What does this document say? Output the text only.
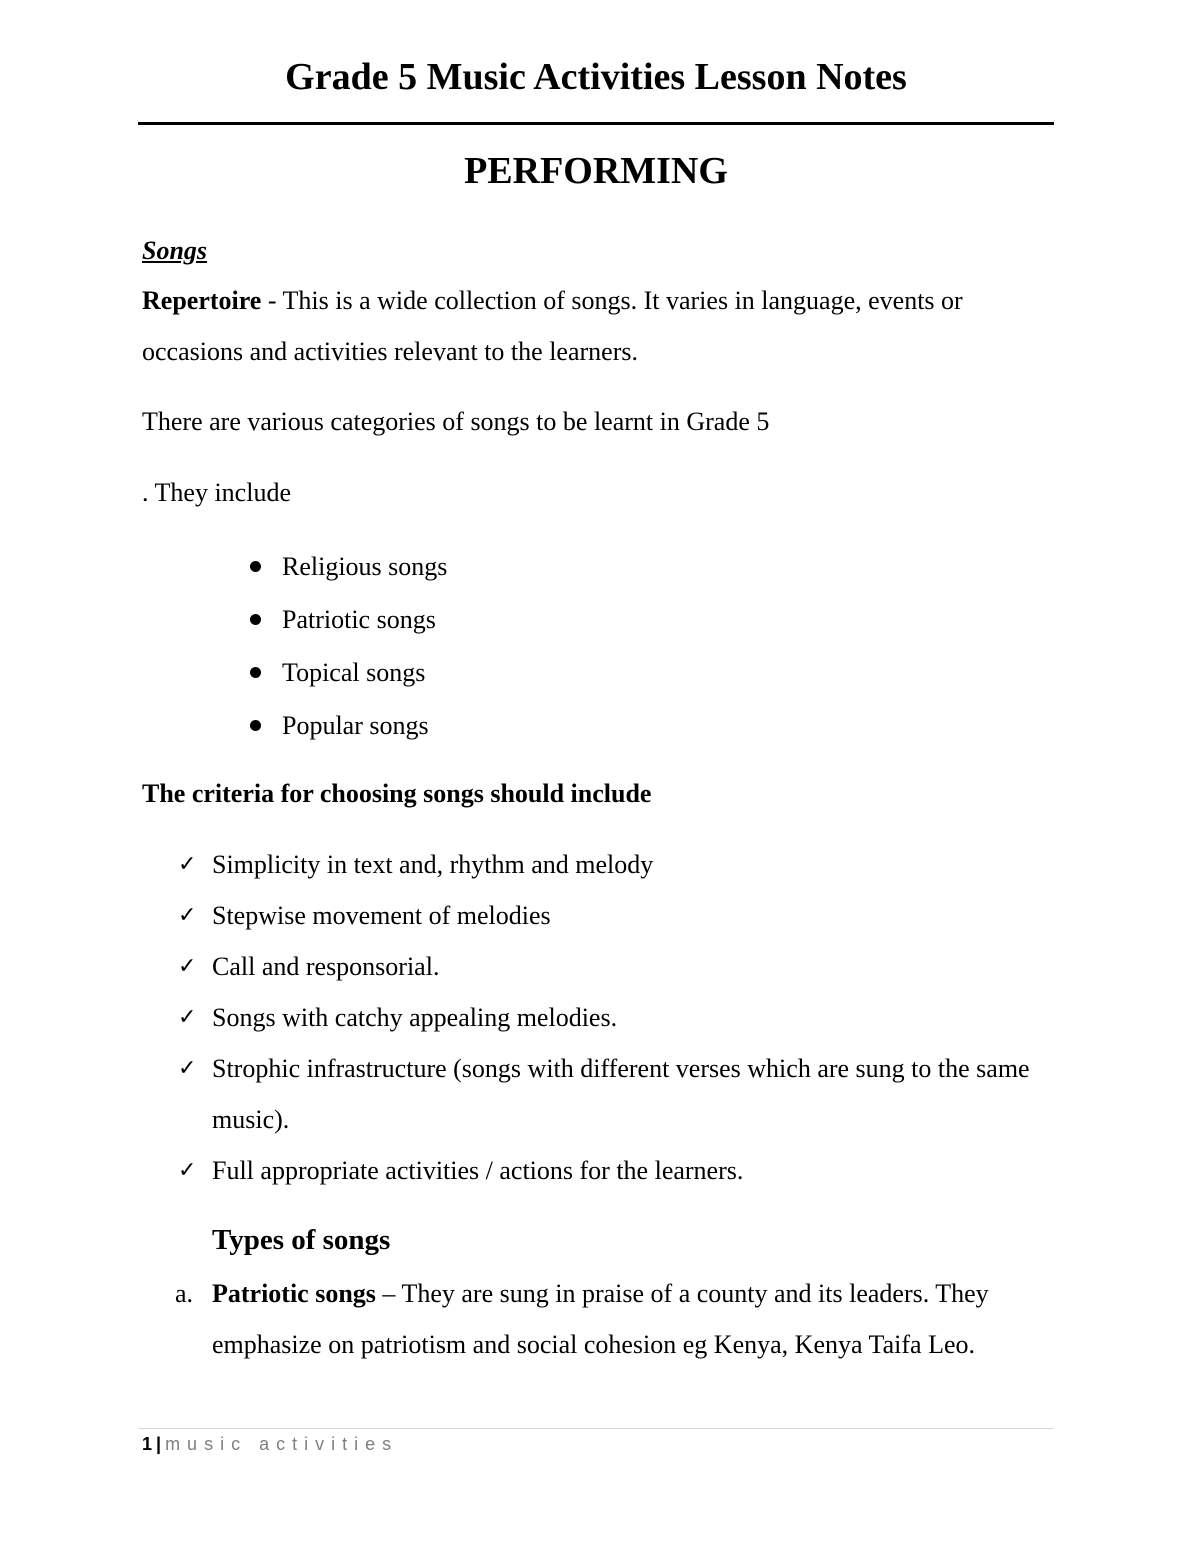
Grade 5 Music Activities Lesson Notes
PERFORMING
Songs

Repertoire - This is a wide collection of songs. It varies in language, events or occasions and activities relevant to the learners.

There are various categories of songs to be learnt in Grade 5

. They include

Religious songs
Patriotic songs
Topical songs
Popular songs
The criteria for choosing songs should include
✓ Simplicity in text and, rhythm and melody
✓ Stepwise movement of melodies
✓ Call and responsorial.
✓ Songs with catchy appealing melodies.
✓ Strophic infrastructure (songs with different verses which are sung to the same music).
✓ Full appropriate activities / actions for the learners.
Types of songs
a. Patriotic songs – They are sung in praise of a county and its leaders. They emphasize on patriotism and social cohesion eg Kenya, Kenya Taifa Leo.
1 | music activities
